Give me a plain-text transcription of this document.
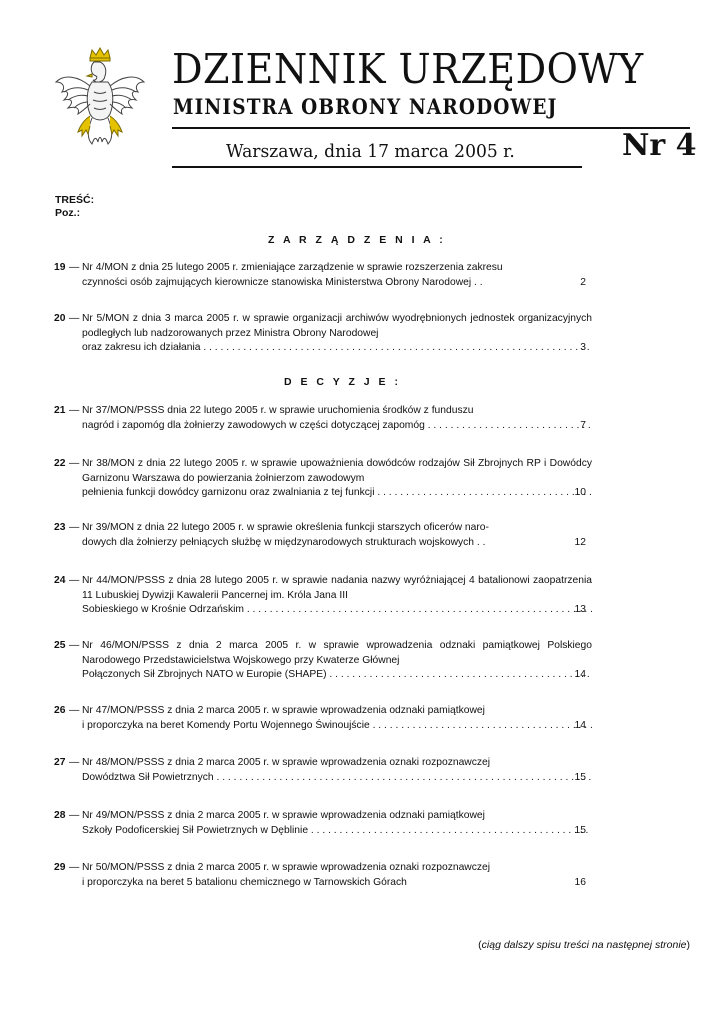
DZIENNIK URZĘDOWY
MINISTRA OBRONY NARODOWEJ
Warszawa, dnia 17 marca 2005 r.	Nr 4
TREŚĆ:
Poz.:
Z A R Z Ą D Z E N I A :
19 — Nr 4/MON z dnia 25 lutego 2005 r. zmieniające zarządzenie w sprawie rozszerzenia zakresu
czynności osób zajmujących kierownicze stanowiska Ministerstwa Obrony Narodowej . .	2
20 — Nr 5/MON z dnia 3 marca 2005 r. w sprawie organizacji archiwów wyodrębnionych jednostek organizacyjnych podległych lub nadzorowanych przez Ministra Obrony Narodowej
oraz zakresu ich działania . . .	3
D E C Y Z J E :
21 — Nr 37/MON/PSSS dnia 22 lutego 2005 r. w sprawie uruchomienia środków z funduszu
nagród i zapomóg dla żołnierzy zawodowych w części dotyczącej zapomóg . . .	7
22 — Nr 38/MON z dnia 22 lutego 2005 r. w sprawie upoważnienia dowódców rodzajów Sił Zbrojnych RP i Dowódcy Garnizonu Warszawa do powierzania żołnierzom zawodowym
pełnienia funkcji dowódcy garnizonu oraz zwalniania z tej funkcji . . .	10
23 — Nr 39/MON z dnia 22 lutego 2005 r. w sprawie określenia funkcji starszych oficerów naro-
dowych dla żołnierzy pełniących służbę w międzynarodowych strukturach wojskowych . .	12
24 — Nr 44/MON/PSSS z dnia 28 lutego 2005 r. w sprawie nadania nazwy wyróżniającej 4 batalionowi zaopatrzenia 11 Lubuskiej Dywizji Kawalerii Pancernej im. Króla Jana III
Sobieskiego w Krośnie Odrzańskim . . .	13
25 — Nr 46/MON/PSSS z dnia 2 marca 2005 r. w sprawie wprowadzenia odznaki pamiątkowej Polskiego Narodowego Przedstawicielstwa Wojskowego przy Kwaterze Głównej
Połączonych Sił Zbrojnych NATO w Europie (SHAPE) . . .	14
26 — Nr 47/MON/PSSS z dnia 2 marca 2005 r. w sprawie wprowadzenia odznaki pamiątkowej
i proporczyka na beret Komendy Portu Wojennego Świnoujście . . .	14
27 — Nr 48/MON/PSSS z dnia 2 marca 2005 r. w sprawie wprowadzenia oznaki rozpoznawczej
Dowództwa Sił Powietrznych . . .	15
28 — Nr 49/MON/PSSS z dnia 2 marca 2005 r. w sprawie wprowadzenia odznaki pamiątkowej
Szkoły Podoficerskiej Sił Powietrznych w Dęblinie . . .	15
29 — Nr 50/MON/PSSS z dnia 2 marca 2005 r. w sprawie wprowadzenia oznaki rozpoznawczej
i proporczyka na beret 5 batalionu chemicznego w Tarnowskich Górach	16
(ciąg dalszy spisu treści na następnej stronie)
